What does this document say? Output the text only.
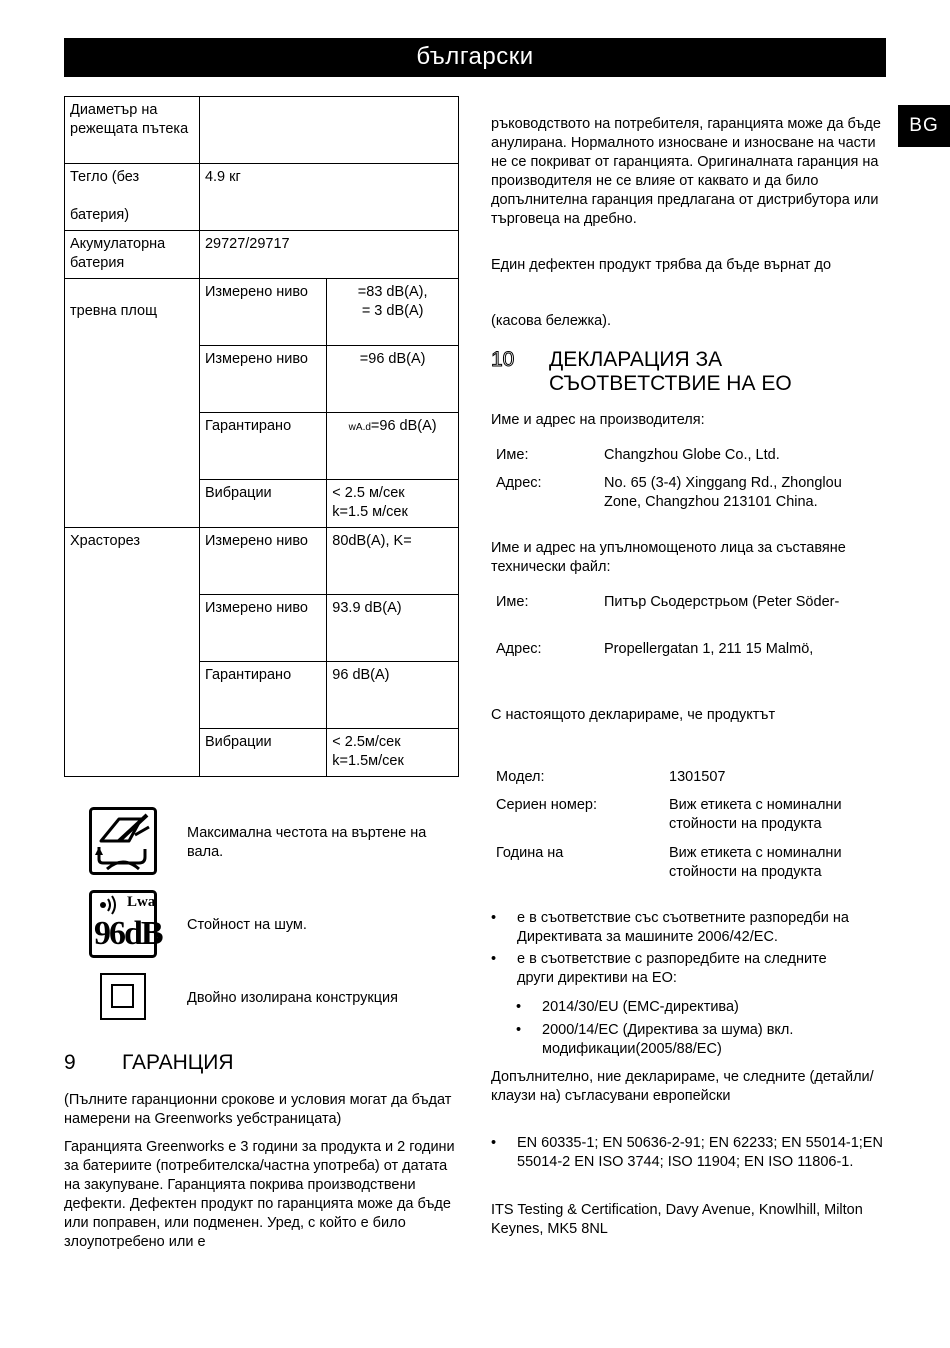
български
BG
Диаметър на режещата пътека		
Тегло (без

батерия)	4.9 кг	
Акумулаторна батерия	29727/29717	

тревна площ	Измерено ниво	=83 dB(A),
= 3 dB(A)
	Измерено ниво	=96 dB(A)
	Гарантирано	wA.d=96 dB(A)
	Вибрации	< 2.5 м/сек
k=1.5 м/сек
Храсторез	Измерено ниво	80dB(A), K=
	Измерено ниво	93.9 dB(A)
	Гарантирано	96 dB(A)
	Вибрации	< 2.5м/сек
k=1.5м/сек
Максимална честота на въртене на вала.
Lwa
96dB Стойност на шум.
Двойно изолирана конструкция
9 ГАРАНЦИЯ

(Пълните гаранционни срокове и условия могат да бъдат намерени на Greenworks уебстраницата)

Гаранцията Greenworks е 3 години за продукта и 2 години за батериите (потребителска/частна употреба) от датата на закупуване. Гаранцията покрива производствени дефекти. Дефектен продукт по гаранцията може да бъде или поправен, или подменен. Уред, с който е било злоупотребено или е

ръководството на потребителя, гаранцията може да бъде анулирана. Нормалното износване и износване на части не се покриват от гаранцията. Оригиналната гаранция на производителя не се влияе от каквато и да било допълнителна гаранция предлагана от дистрибутора или търговеца на дребно.

Един дефектен продукт трябва да бъде върнат до

(касова бележка).

10 ДЕКЛАРАЦИЯ ЗА
СЪОТВЕТСТВИЕ НА ЕО

Име и адрес на производителя:

Име:	Changzhou Globe Co., Ltd.
Адрес:	No. 65 (3-4) Xinggang Rd., Zhonglou Zone, Changzhou 213101 China.

Име и адрес на упълномощеното лица за съставяне технически файл:

Име:	Питър Сьодерстрьом (Peter Söder-
Адрес:	Propellergatan 1, 211 15 Malmö,

С настоящото декларираме, че продуктът

Модел:	1301507
Сериен номер:	Виж етикета с номинални стойности на продукта
Година на	Виж етикета с номинални стойности на продукта
• е в съответствие със съответните разпоредби на Директивата за машините 2006/42/ЕС.
• е в съответствие с разпоредбите на следните други директиви на ЕО:
• 2014/30/EU (EMC-директива)
• 2000/14/EC (Директива за шума) вкл. модификации(2005/88/EC)

Допълнително, ние декларираме, че следните (детайли/клаузи на) съгласувани европейски

• EN 60335-1; EN 50636-2-91; EN 62233; EN 55014-1;EN 55014-2 EN ISO 3744; ISO 11904; EN ISO 11806-1.

ITS Testing & Certification, Davy Avenue, Knowlhill, Milton Keynes, MK5 8NL
